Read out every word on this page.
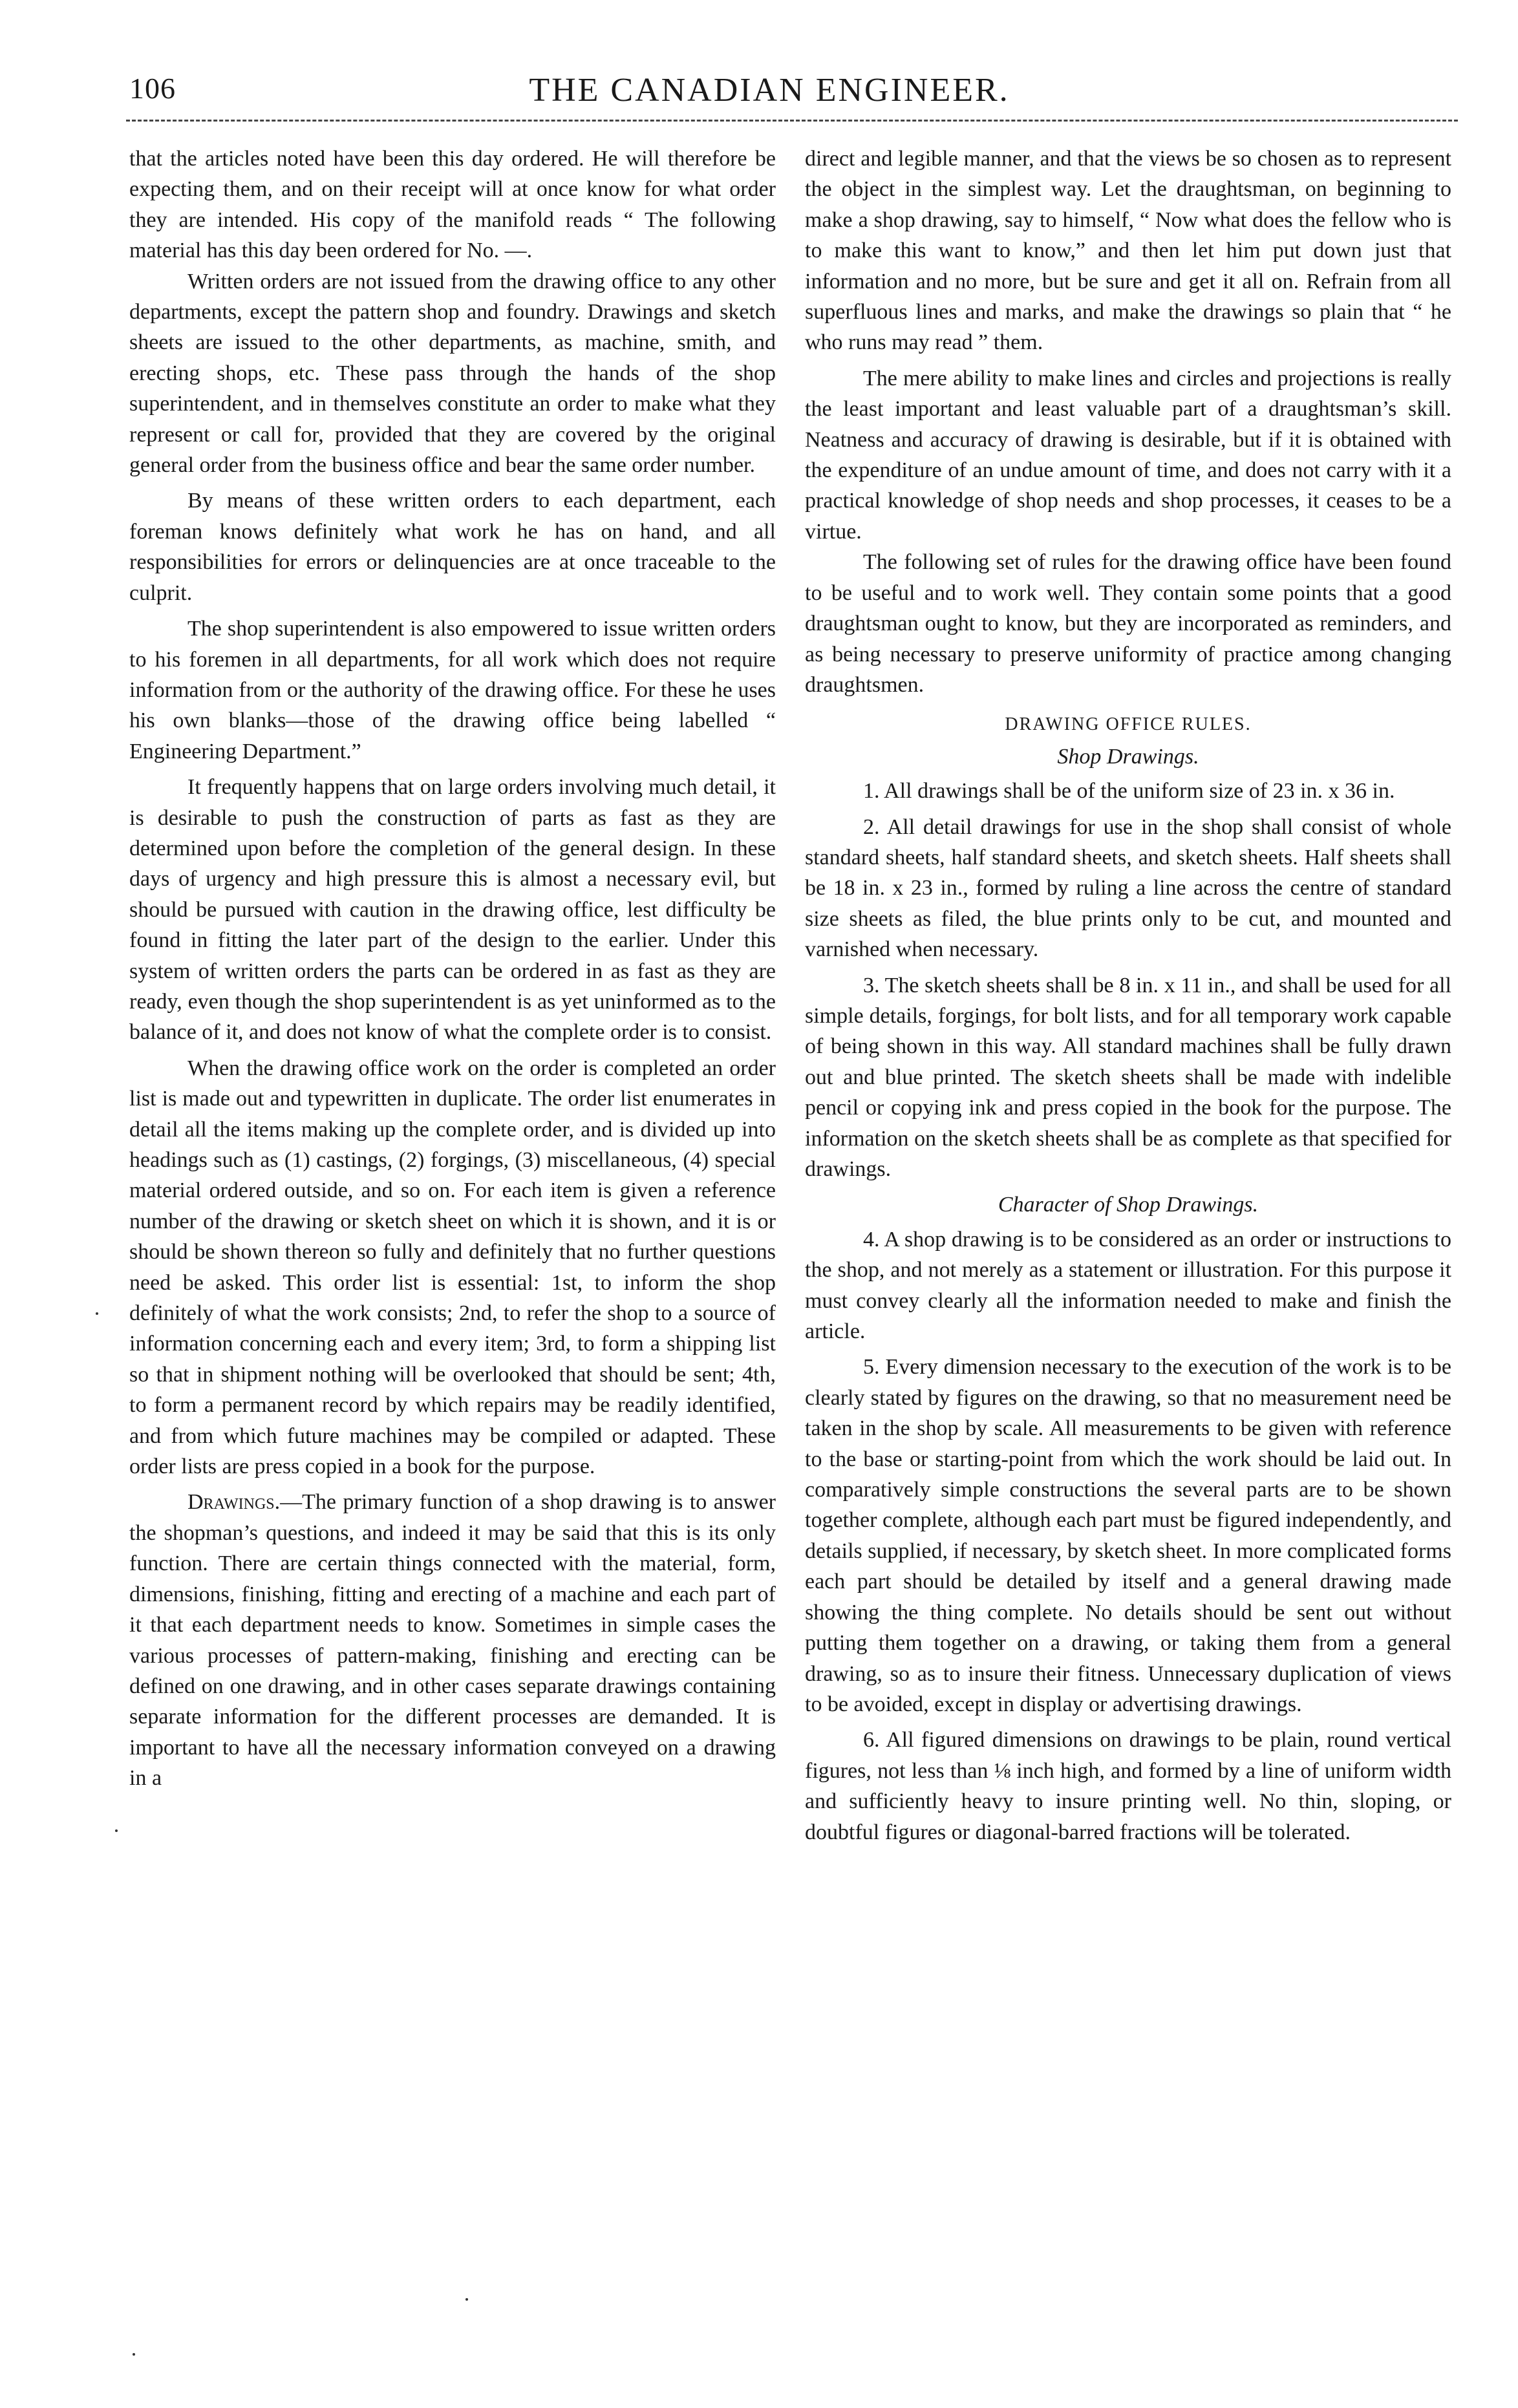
106	THE CANADIAN ENGINEER.

that the articles noted have been this day ordered. He will therefore be expecting them, and on their receipt will at once know for what order they are intended. His copy of the manifold reads “ The following material has this day been ordered for No. —.

Written orders are not issued from the drawing office to any other departments, except the pattern shop and foundry. Drawings and sketch sheets are issued to the other departments, as machine, smith, and erecting shops, etc. These pass through the hands of the shop superintendent, and in themselves constitute an order to make what they represent or call for, provided that they are covered by the original general order from the business office and bear the same order number.

By means of these written orders to each department, each foreman knows definitely what work he has on hand, and all responsibilities for errors or delinquencies are at once traceable to the culprit.

The shop superintendent is also empowered to issue written orders to his foremen in all departments, for all work which does not require information from or the authority of the drawing office. For these he uses his own blanks—those of the drawing office being labelled “ Engineering Department.”

It frequently happens that on large orders involving much detail, it is desirable to push the construction of parts as fast as they are determined upon before the completion of the general design. In these days of urgency and high pressure this is almost a necessary evil, but should be pursued with caution in the drawing office, lest difficulty be found in fitting the later part of the design to the earlier. Under this system of written orders the parts can be ordered in as fast as they are ready, even though the shop superintendent is as yet uninformed as to the balance of it, and does not know of what the complete order is to consist.

When the drawing office work on the order is completed an order list is made out and typewritten in duplicate. The order list enumerates in detail all the items making up the complete order, and is divided up into headings such as (1) castings, (2) forgings, (3) miscellaneous, (4) special material ordered outside, and so on. For each item is given a reference number of the drawing or sketch sheet on which it is shown, and it is or should be shown thereon so fully and definitely that no further questions need be asked. This order list is essential: 1st, to inform the shop definitely of what the work consists; 2nd, to refer the shop to a source of information concerning each and every item; 3rd, to form a shipping list so that in shipment nothing will be overlooked that should be sent; 4th, to form a permanent record by which repairs may be readily identified, and from which future machines may be compiled or adapted. These order lists are press copied in a book for the purpose.

Drawings.—The primary function of a shop drawing is to answer the shopman’s questions, and indeed it may be said that this is its only function. There are certain things connected with the material, form, dimensions, finishing, fitting and erecting of a machine and each part of it that each department needs to know. Sometimes in simple cases the various processes of pattern-making, finishing and erecting can be defined on one drawing, and in other cases separate drawings containing separate information for the different processes are demanded. It is important to have all the necessary information conveyed on a drawing in a

direct and legible manner, and that the views be so chosen as to represent the object in the simplest way. Let the draughtsman, on beginning to make a shop drawing, say to himself, “ Now what does the fellow who is to make this want to know,” and then let him put down just that information and no more, but be sure and get it all on. Refrain from all superfluous lines and marks, and make the drawings so plain that “ he who runs may read ” them.

The mere ability to make lines and circles and projections is really the least important and least valuable part of a draughtsman’s skill. Neatness and accuracy of drawing is desirable, but if it is obtained with the expenditure of an undue amount of time, and does not carry with it a practical knowledge of shop needs and shop processes, it ceases to be a virtue.

The following set of rules for the drawing office have been found to be useful and to work well. They contain some points that a good draughtsman ought to know, but they are incorporated as reminders, and as being necessary to preserve uniformity of practice among changing draughtsmen.

DRAWING OFFICE RULES.
Shop Drawings.

1. All drawings shall be of the uniform size of 23 in. x 36 in.

2. All detail drawings for use in the shop shall consist of whole standard sheets, half standard sheets, and sketch sheets. Half sheets shall be 18 in. x 23 in., formed by ruling a line across the centre of standard size sheets as filed, the blue prints only to be cut, and mounted and varnished when necessary.

3. The sketch sheets shall be 8 in. x 11 in., and shall be used for all simple details, forgings, for bolt lists, and for all temporary work capable of being shown in this way. All standard machines shall be fully drawn out and blue printed. The sketch sheets shall be made with indelible pencil or copying ink and press copied in the book for the purpose. The information on the sketch sheets shall be as complete as that specified for drawings.

Character of Shop Drawings.

4. A shop drawing is to be considered as an order or instructions to the shop, and not merely as a statement or illustration. For this purpose it must convey clearly all the information needed to make and finish the article.

5. Every dimension necessary to the execution of the work is to be clearly stated by figures on the drawing, so that no measurement need be taken in the shop by scale. All measurements to be given with reference to the base or starting-point from which the work should be laid out. In comparatively simple constructions the several parts are to be shown together complete, although each part must be figured independently, and details supplied, if necessary, by sketch sheet. In more complicated forms each part should be detailed by itself and a general drawing made showing the thing complete. No details should be sent out without putting them together on a drawing, or taking them from a general drawing, so as to insure their fitness. Unnecessary duplication of views to be avoided, except in display or advertising drawings.

6. All figured dimensions on drawings to be plain, round vertical figures, not less than ⅛ inch high, and formed by a line of uniform width and sufficiently heavy to insure printing well. No thin, sloping, or doubtful figures or diagonal-barred fractions will be tolerated.
